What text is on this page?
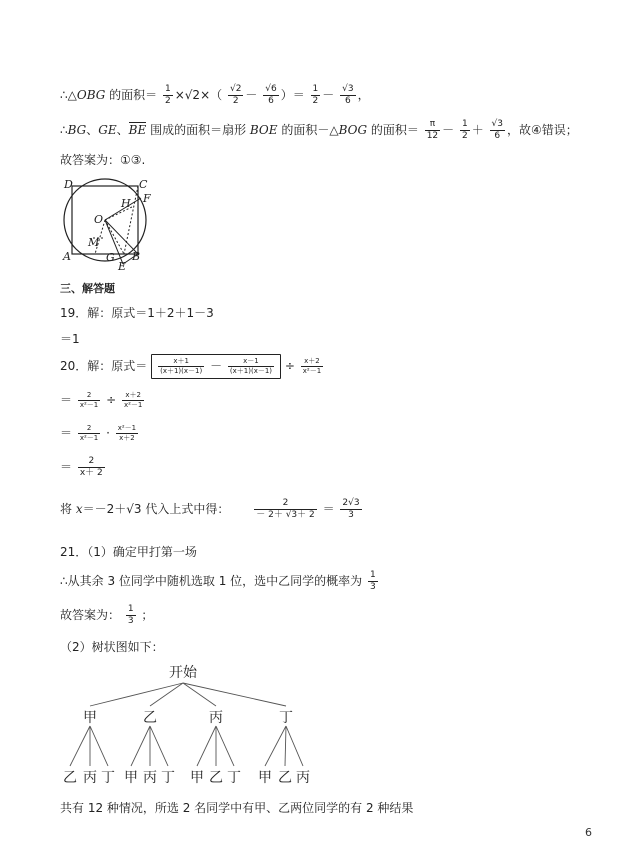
∴△OBG 的面积＝ $\frac{1}{2} \times√2\times( \frac{√2}{2} - \frac{√6}{6}$ ）＝ $\frac{1}{2} - \frac{√3}{6}$ ，
∴BG、GE、BE 围成的面积＝扇形 BOE 的面积－△BOG 的面积＝ $\frac{\pi}{12} - \frac{1}{2} + \frac{√3}{6}$ ，故④错误；
故答案为：①③.
D	C
F
H
O
M
A	G B
E
三、解答题
19．解：原式＝1＋2＋1－3
＝1
20．解：原式＝ $\frac{x+1}{(x+1)(x-1)} - \frac{x-1}{(x+1)(x-1)} \div \frac{x+2}{\text{x²－1}}$
＝ $\frac{2}{\text{x²－1}} \div \frac{x+2}{\text{x²－1}}$
＝ $\frac{2}{\text{x²－1}} \cdot \frac{\text{x²－1}}{x+2}$
＝ $\frac{2}{x+ 2}$
将 x＝－2＋√3 代入上式中得：	$\frac{2}{- 2+ √3+ 2} = \frac{2√3}{3}$
21．（1）确定甲打第一场
∴从其余 3 位同学中随机选取 1 位，选中乙同学的概率为 $\frac{1}{3}$
故答案为： $\frac{1}{3}$ ；
（2）树状图如下：
开始
甲	乙	丙	丁
乙 丙 丁 甲 丙 丁 甲 乙 丁 甲 乙 丙
共有 12 种情况，所选 2 名同学中有甲、乙两位同学的有 2 种结果
6
